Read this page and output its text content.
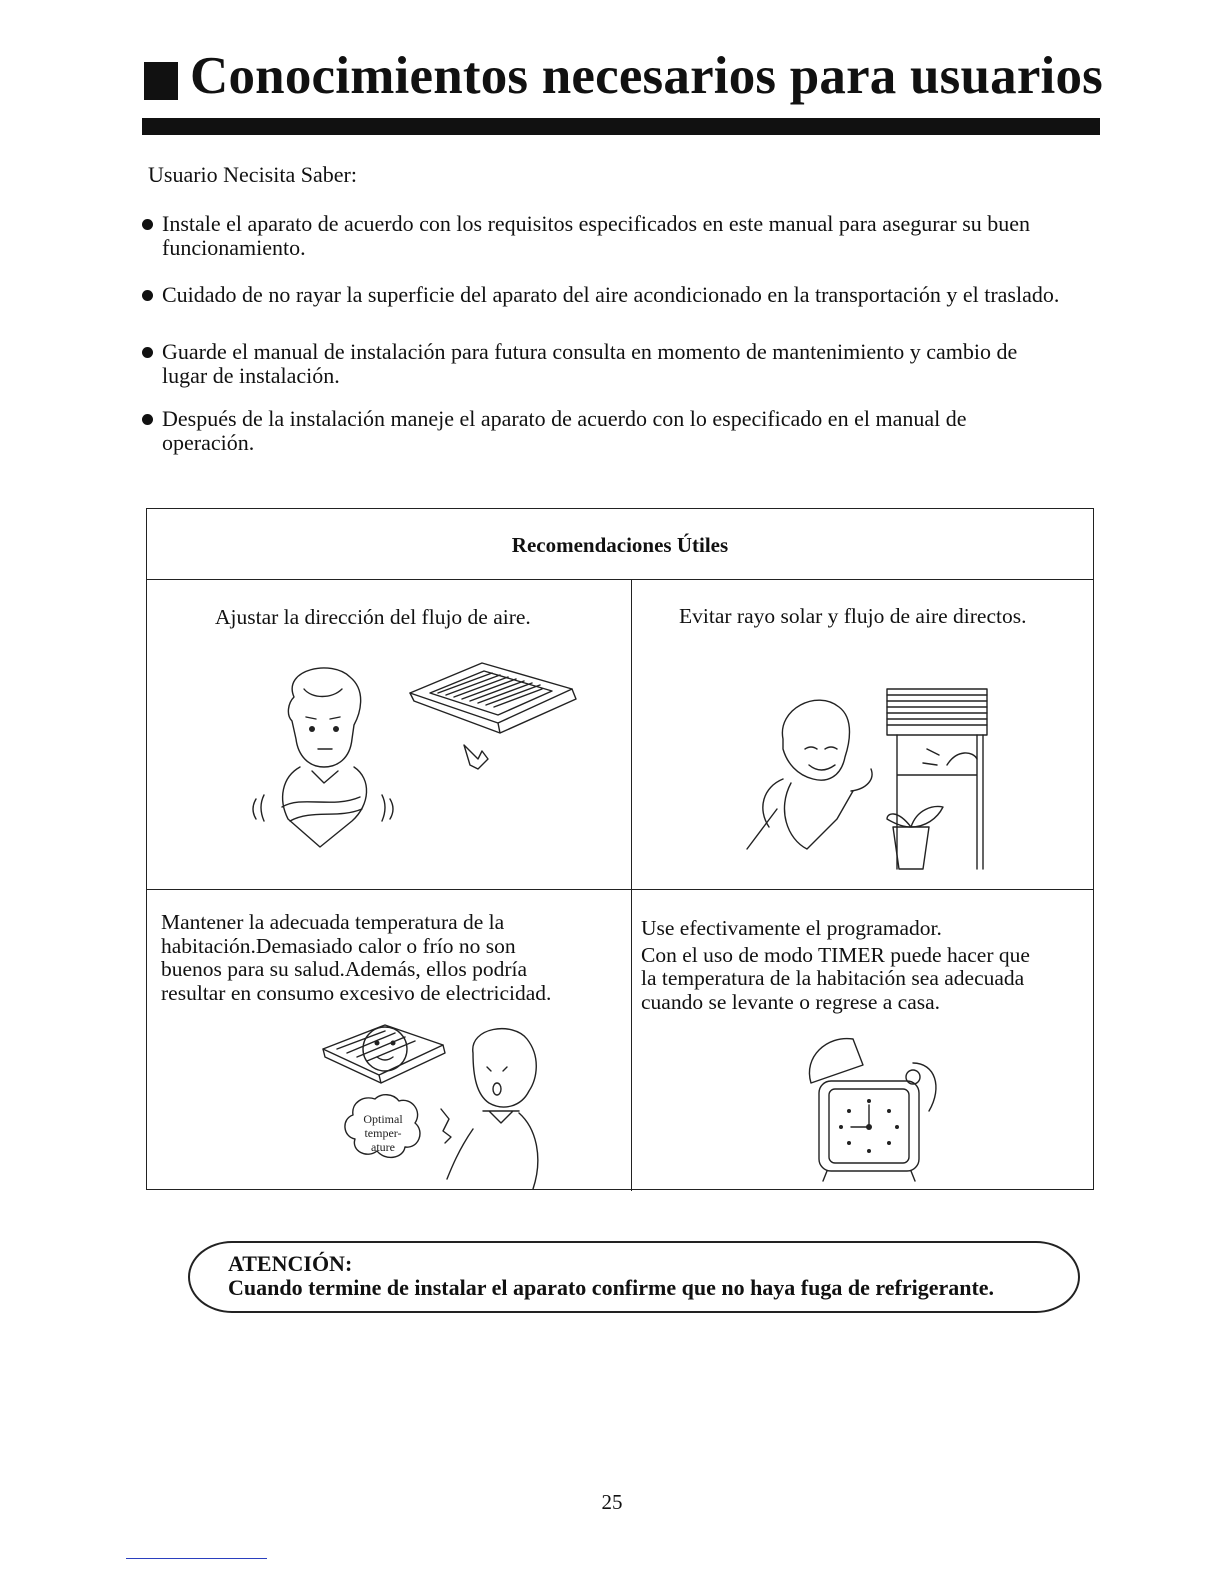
Conocimientos necesarios para usuarios
Usuario Necisita Saber:
Instale el aparato de acuerdo con los requisitos especificados en este manual para asegurar su buen
funcionamiento.
Cuidado de no rayar la superficie del aparato del aire acondicionado en la transportación y el traslado.
Guarde el manual de instalación para futura consulta en momento de mantenimiento y cambio de
lugar de instalación.
Después de la instalación maneje el aparato de acuerdo con lo especificado en el manual de
operación.
Recomendaciones Útiles
Ajustar la dirección del flujo de aire.	Evitar rayo solar y flujo de aire directos.
Mantener la adecuada temperatura de la
habitación.Demasiado calor o frío no son
buenos para su salud.Además, ellos podría
resultar en consumo excesivo de electricidad.
Optimal
temper-
ature
Use efectivamente el programador.
Con el uso de modo TIMER puede hacer que
la temperatura de la habitación sea adecuada
cuando se levante o regrese a casa.
ATENCIÓN:
Cuando termine de instalar el aparato confirme que no haya fuga de refrigerante.
25
